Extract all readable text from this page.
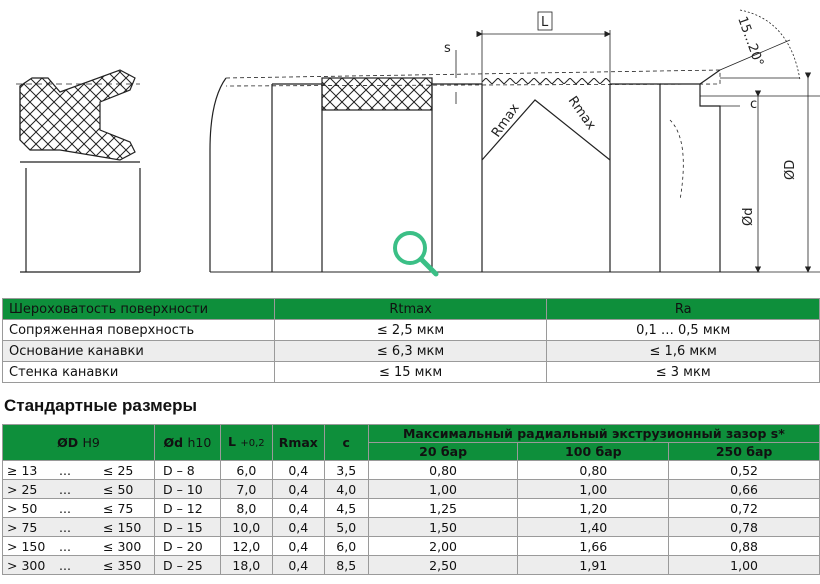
L
s	15...20°
c
Rmax	Rmax
ØD
Ød
Шероховатость поверхности	Rtmax	Ra
Сопряженная поверхность	≤ 2,5 мкм	0,1 … 0,5 мкм
Основание канавки	≤ 6,3 мкм	≤ 1,6 мкм
Стенка канавки	≤ 15 мкм	≤ 3 мкм
Стандартные размеры
ØD H9	Ød h10	L +0,2	Rmax	c	Максимальный радиальный экструзионный зазор s*		
					20 бар	100 бар	250 бар
≥ 13 ... ≤ 25	D – 8	6,0	0,4	3,5	0,80	0,80	0,52
> 25 ... ≤ 50	D – 10	7,0	0,4	4,0	1,00	1,00	0,66
> 50 ... ≤ 75	D – 12	8,0	0,4	4,5	1,25	1,20	0,72
> 75 ... ≤ 150	D – 15	10,0	0,4	5,0	1,50	1,40	0,78
> 150 ... ≤ 300	D – 20	12,0	0,4	6,0	2,00	1,66	0,88
> 300 ... ≤ 350	D – 25	18,0	0,4	8,5	2,50	1,91	1,00
